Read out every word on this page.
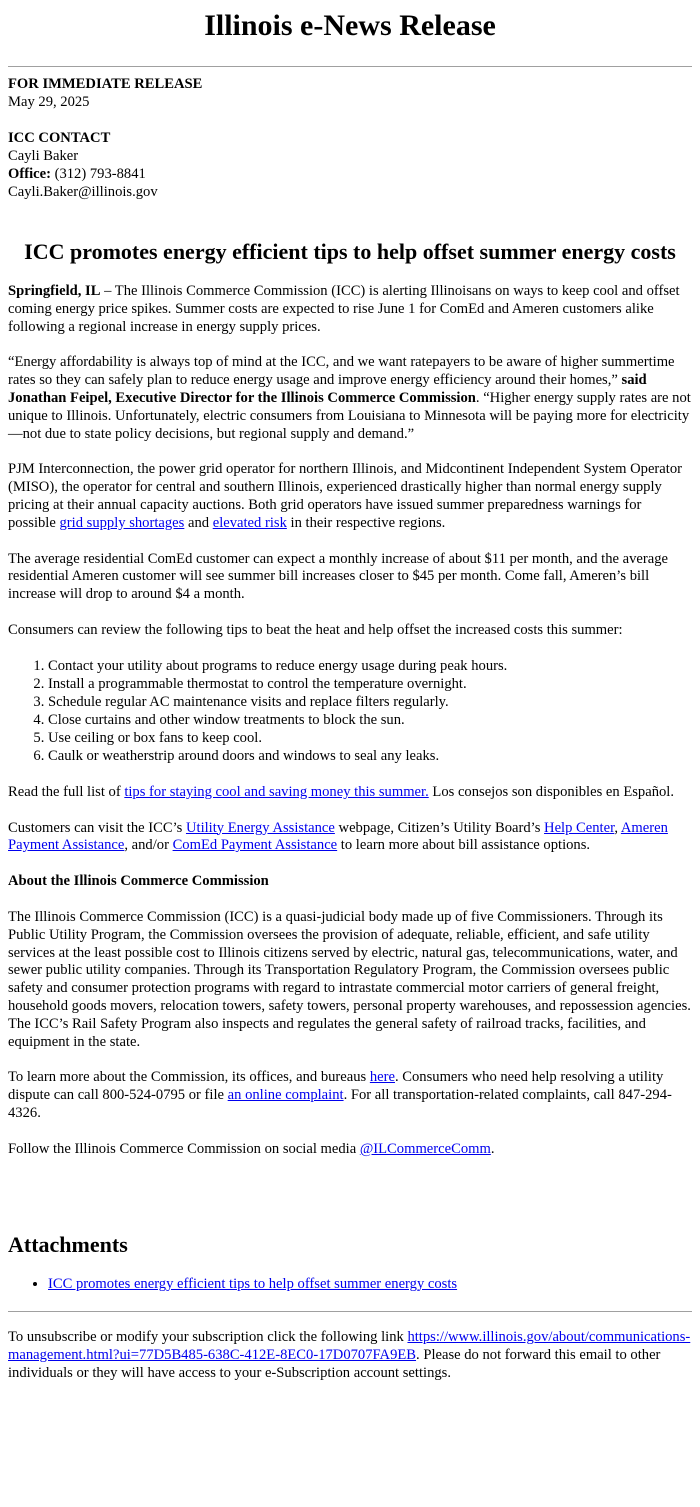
Illinois e-News Release
FOR IMMEDIATE RELEASE
May 29, 2025
ICC CONTACT
Cayli Baker
Office: (312) 793-8841
Cayli.Baker@illinois.gov
ICC promotes energy efficient tips to help offset summer energy costs

Springfield, IL – The Illinois Commerce Commission (ICC) is alerting Illinoisans on ways to keep cool and offset coming energy price spikes. Summer costs are expected to rise June 1 for ComEd and Ameren customers alike following a regional increase in energy supply prices.

“Energy affordability is always top of mind at the ICC, and we want ratepayers to be aware of higher summertime rates so they can safely plan to reduce energy usage and improve energy efficiency around their homes,” said Jonathan Feipel, Executive Director for the Illinois Commerce Commission. “Higher energy supply rates are not unique to Illinois. Unfortunately, electric consumers from Louisiana to Minnesota will be paying more for electricity—not due to state policy decisions, but regional supply and demand.”

PJM Interconnection, the power grid operator for northern Illinois, and Midcontinent Independent System Operator (MISO), the operator for central and southern Illinois, experienced drastically higher than normal energy supply pricing at their annual capacity auctions. Both grid operators have issued summer preparedness warnings for possible grid supply shortages and elevated risk in their respective regions.

The average residential ComEd customer can expect a monthly increase of about $11 per month, and the average residential Ameren customer will see summer bill increases closer to $45 per month. Come fall, Ameren’s bill increase will drop to around $4 a month.

Consumers can review the following tips to beat the heat and help offset the increased costs this summer:

1. Contact your utility about programs to reduce energy usage during peak hours.
2. Install a programmable thermostat to control the temperature overnight.
3. Schedule regular AC maintenance visits and replace filters regularly.
4. Close curtains and other window treatments to block the sun.
5. Use ceiling or box fans to keep cool.
6. Caulk or weatherstrip around doors and windows to seal any leaks.

Read the full list of tips for staying cool and saving money this summer. Los consejos son disponibles en Español.

Customers can visit the ICC’s Utility Energy Assistance webpage, Citizen’s Utility Board’s Help Center, Ameren Payment Assistance, and/or ComEd Payment Assistance to learn more about bill assistance options.

About the Illinois Commerce Commission

The Illinois Commerce Commission (ICC) is a quasi-judicial body made up of five Commissioners. Through its Public Utility Program, the Commission oversees the provision of adequate, reliable, efficient, and safe utility services at the least possible cost to Illinois citizens served by electric, natural gas, telecommunications, water, and sewer public utility companies. Through its Transportation Regulatory Program, the Commission oversees public safety and consumer protection programs with regard to intrastate commercial motor carriers of general freight, household goods movers, relocation towers, safety towers, personal property warehouses, and repossession agencies. The ICC’s Rail Safety Program also inspects and regulates the general safety of railroad tracks, facilities, and equipment in the state.

To learn more about the Commission, its offices, and bureaus here. Consumers who need help resolving a utility dispute can call 800-524-0795 or file an online complaint. For all transportation-related complaints, call 847-294-4326.

Follow the Illinois Commerce Commission on social media @ILCommerceComm.

Attachments
• ICC promotes energy efficient tips to help offset summer energy costs

To unsubscribe or modify your subscription click the following link https://www.illinois.gov/about/communications-management.html?ui=77D5B485-638C-412E-8EC0-17D0707FA9EB. Please do not forward this email to other individuals or they will have access to your e-Subscription account settings.
